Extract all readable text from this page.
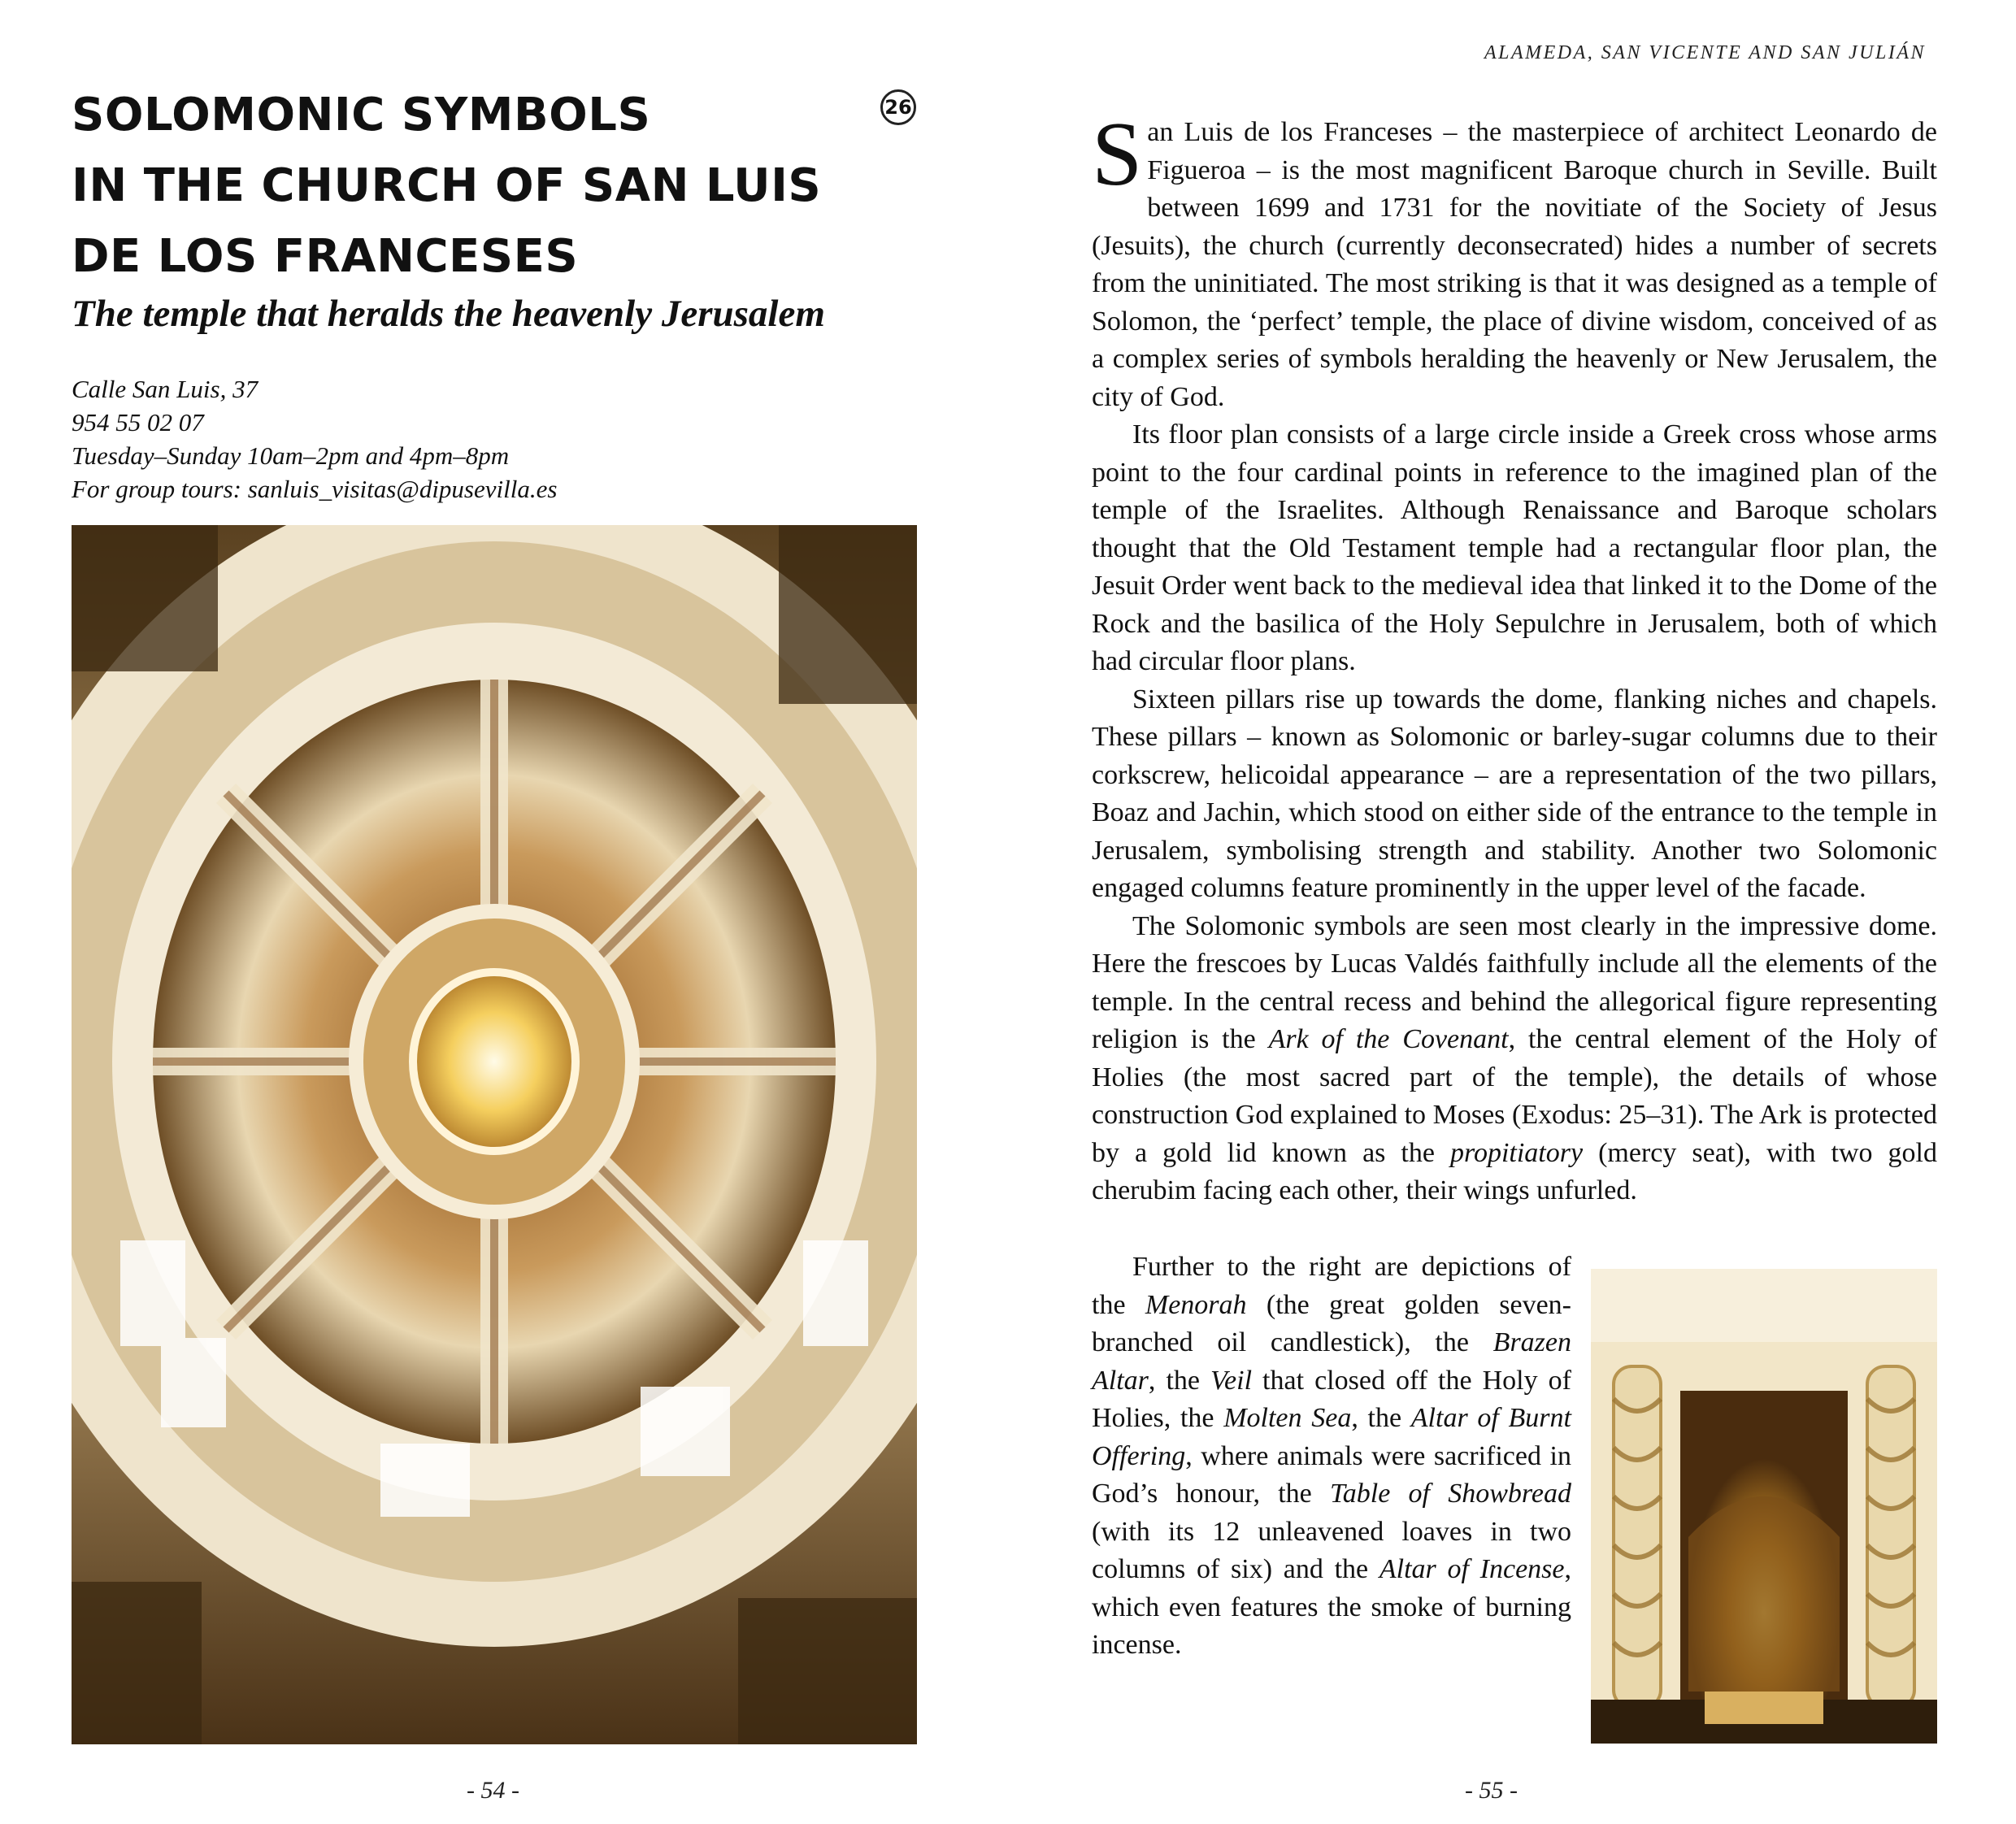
SOLOMONIC SYMBOLS
IN THE CHURCH OF SAN LUIS
DE LOS FRANCESES
26
The temple that heralds the heavenly Jerusalem
Calle San Luis, 37
954 55 02 07
Tuesday–Sunday 10am–2pm and 4pm–8pm
For group tours: sanluis_visitas@dipusevilla.es
- 54 -
ALAMEDA, SAN VICENTE AND SAN JULIÁN

San Luis de los Franceses – the masterpiece of architect Leonardo de Figueroa – is the most magnificent Baroque church in Seville. Built between 1699 and 1731 for the novitiate of the Society of Jesus (Jesuits), the church (currently deconsecrated) hides a number of secrets from the uninitiated. The most striking is that it was designed as a temple of Solomon, the ‘perfect’ temple, the place of divine wisdom, conceived of as a complex series of symbols heralding the heavenly or New Jerusalem, the city of God.

Its floor plan consists of a large circle inside a Greek cross whose arms point to the four cardinal points in reference to the imagined plan of the temple of the Israelites. Although Renaissance and Baroque scholars thought that the Old Testament temple had a rectangular floor plan, the Jesuit Order went back to the medieval idea that linked it to the Dome of the Rock and the basilica of the Holy Sepulchre in Jerusalem, both of which had circular floor plans.

Sixteen pillars rise up towards the dome, flanking niches and chapels. These pillars – known as Solomonic or barley-sugar columns due to their corkscrew, helicoidal appearance – are a representation of the two pillars, Boaz and Jachin, which stood on either side of the entrance to the temple in Jerusalem, symbolising strength and stability. Another two Solomonic engaged columns feature prominently in the upper level of the facade.

The Solomonic symbols are seen most clearly in the impressive dome. Here the frescoes by Lucas Valdés faithfully include all the elements of the temple. In the central recess and behind the allegorical figure representing religion is the Ark of the Covenant, the central element of the Holy of Holies (the most sacred part of the temple), the details of whose construction God explained to Moses (Exodus: 25–31). The Ark is protected by a gold lid known as the propitiatory (mercy seat), with two gold cherubim facing each other, their wings unfurled.

Further to the right are depictions of the Menorah (the great golden seven-branched oil candlestick), the Brazen Altar, the Veil that closed off the Holy of Holies, the Molten Sea, the Altar of Burnt Offering, where animals were sacrificed in God’s honour, the Table of Showbread (with its 12 unleavened loaves in two columns of six) and the Altar of Incense, which even features the smoke of burning incense.

- 55 -
